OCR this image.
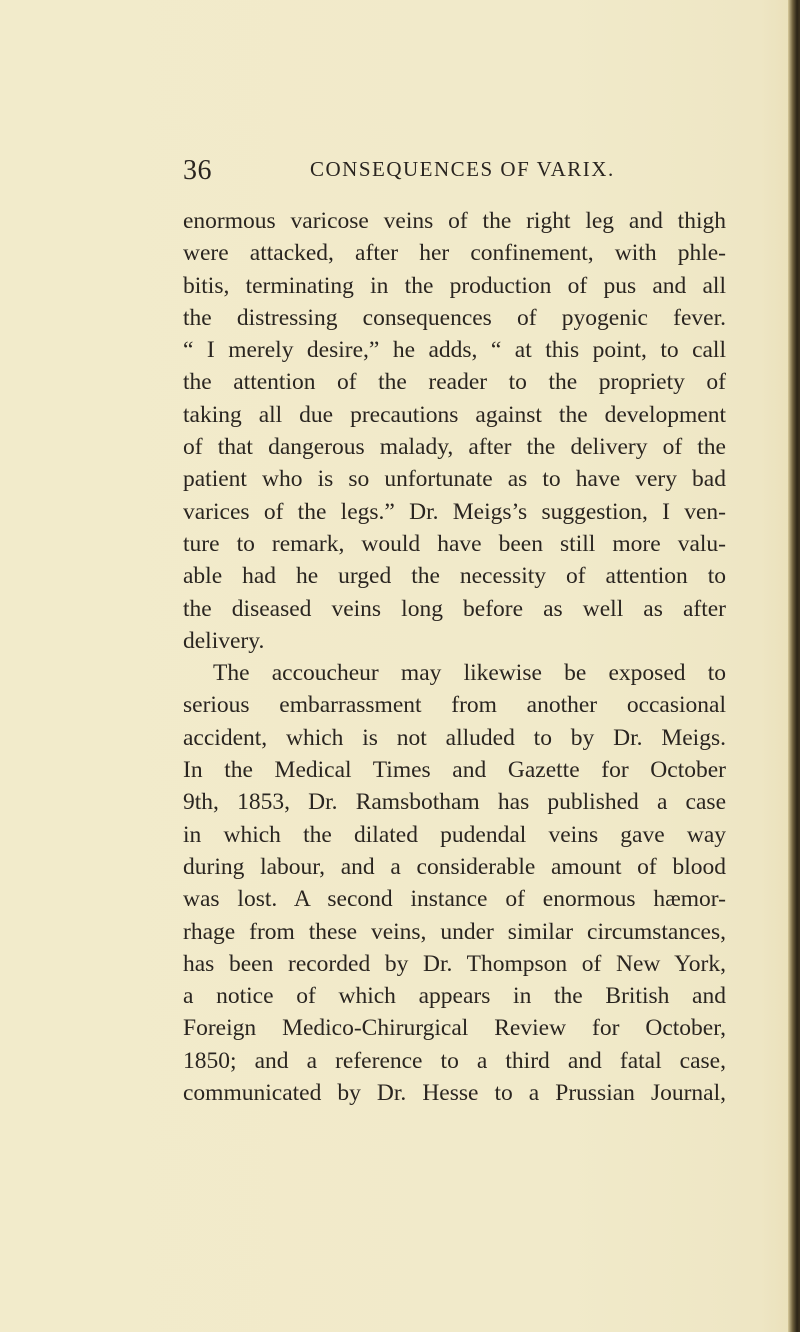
36	CONSEQUENCES OF VARIX.
enormous varicose veins of the right leg and thigh
were attacked, after her confinement, with phle-
bitis, terminating in the production of pus and all
the distressing consequences of pyogenic fever.
“ I merely desire,” he adds, “ at this point, to call
the attention of the reader to the propriety of
taking all due precautions against the development
of that dangerous malady, after the delivery of the
patient who is so unfortunate as to have very bad
varices of the legs.” Dr. Meigs’s suggestion, I ven-
ture to remark, would have been still more valu-
able had he urged the necessity of attention to
the diseased veins long before as well as after
delivery.
The accoucheur may likewise be exposed to
serious embarrassment from another occasional
accident, which is not alluded to by Dr. Meigs.
In the Medical Times and Gazette for October
9th, 1853, Dr. Ramsbotham has published a case
in which the dilated pudendal veins gave way
during labour, and a considerable amount of blood
was lost. A second instance of enormous hæmor-
rhage from these veins, under similar circumstances,
has been recorded by Dr. Thompson of New York,
a notice of which appears in the British and
Foreign Medico-Chirurgical Review for October,
1850; and a reference to a third and fatal case,
communicated by Dr. Hesse to a Prussian Journal,
